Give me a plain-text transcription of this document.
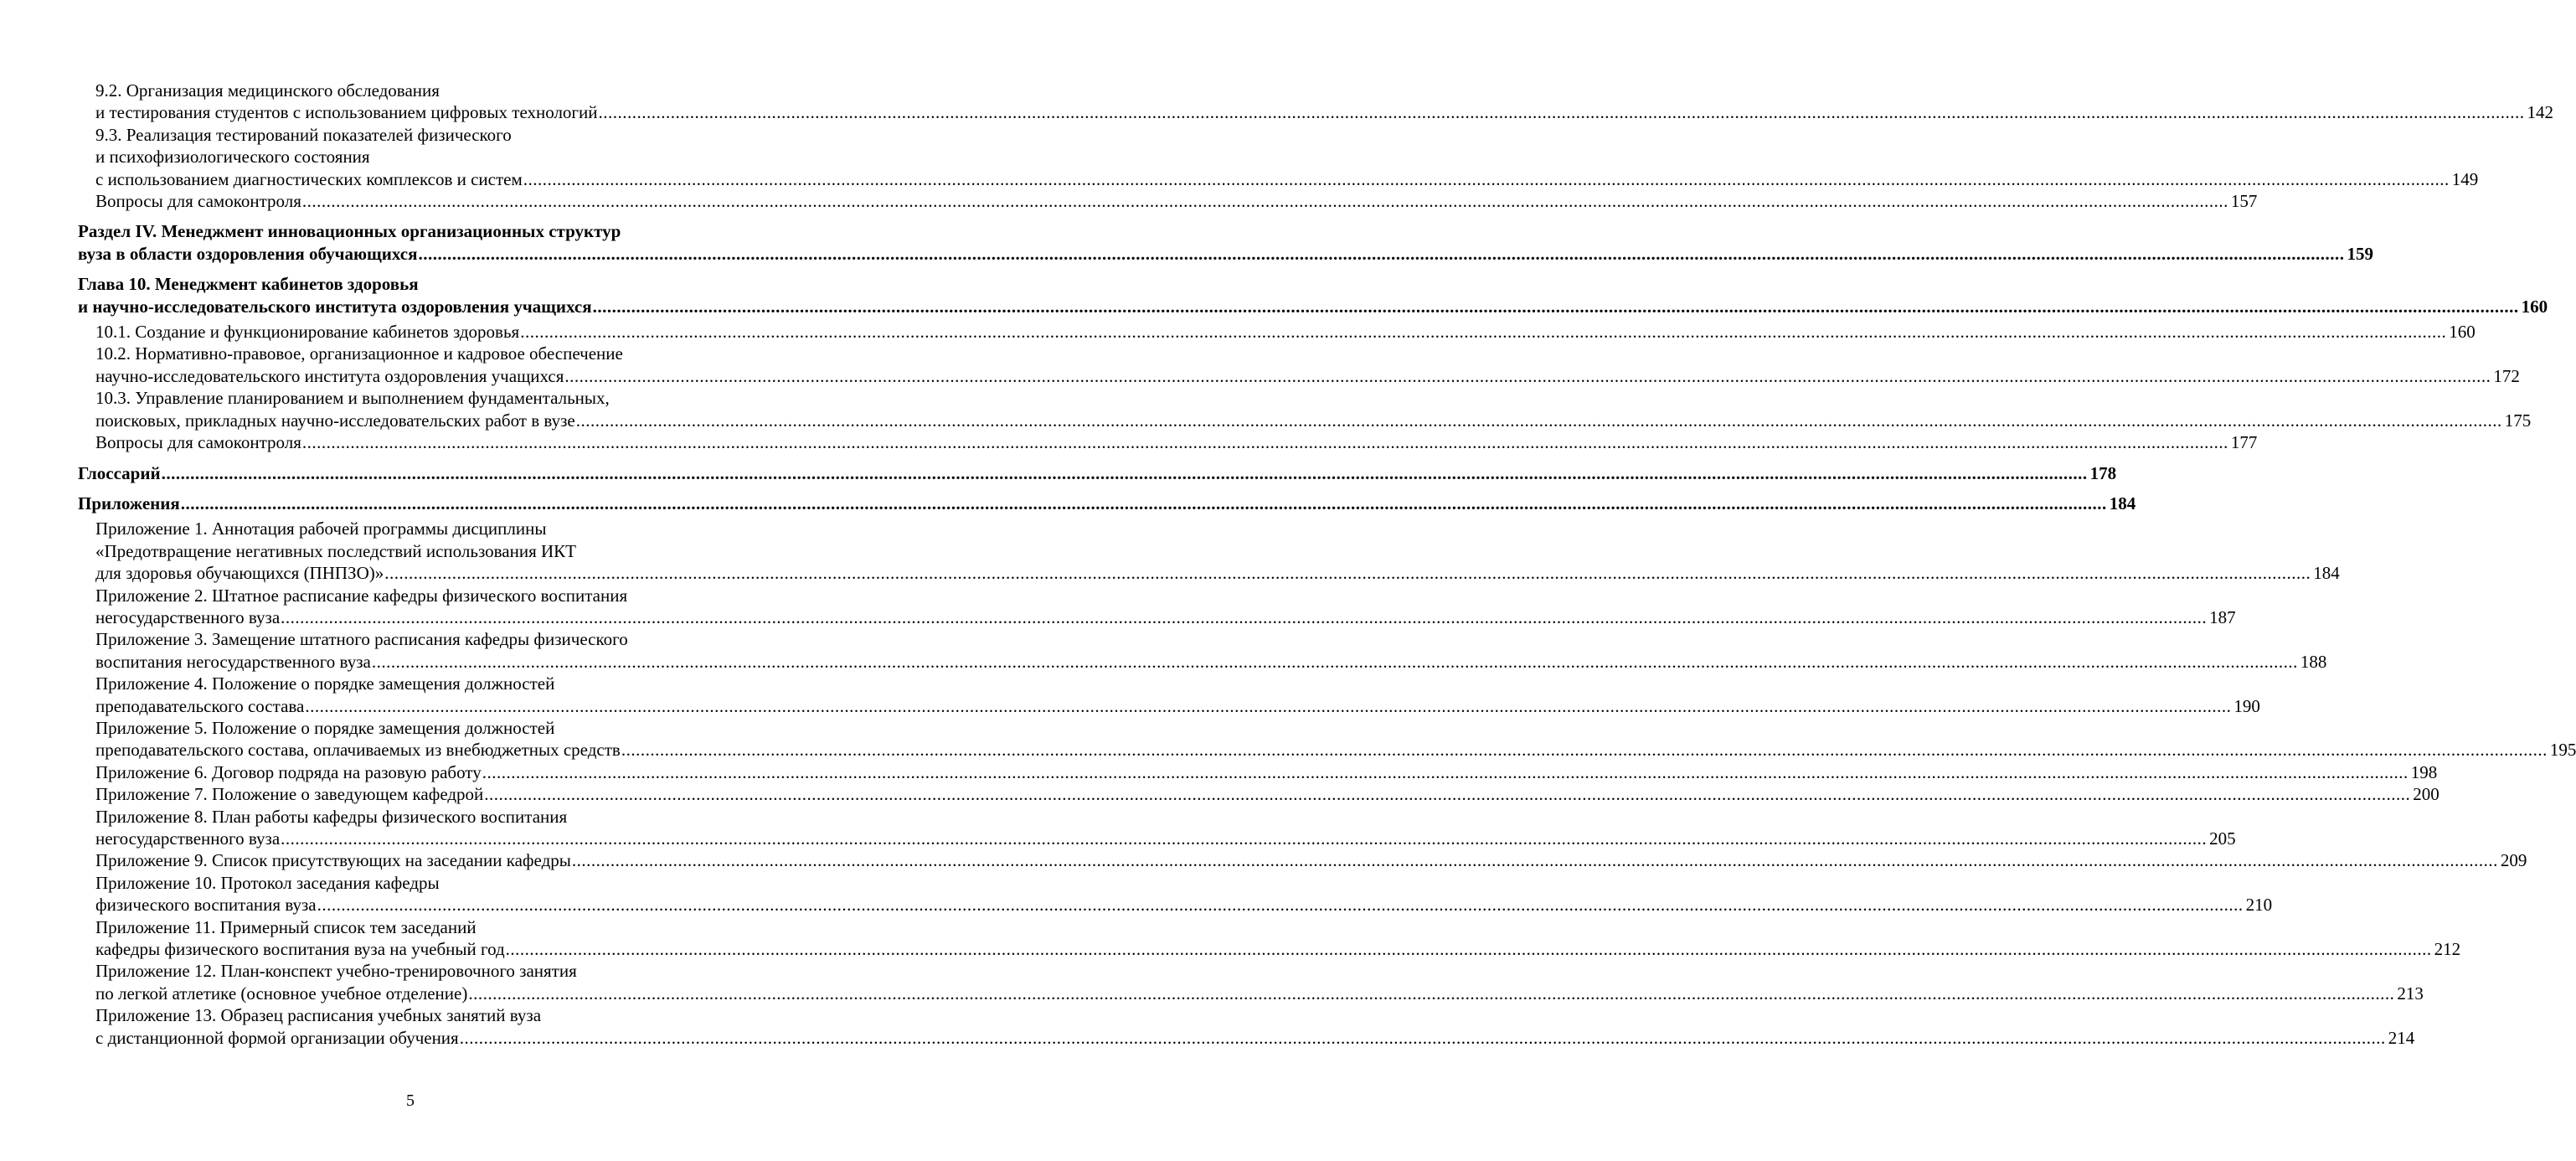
9.2. Организация медицинского обследования
и тестирования студентов с использованием цифровых технологий ................................................................................................................................................................................................................................................................................................................................................................................................................ 142
9.3. Реализация тестирований показателей физического
и психофизиологического состояния
с использованием диагностических комплексов и систем ................................................................................................................................................................................................................................................................................................................................................................................................................ 149
Вопросы для самоконтроля ................................................................................................................................................................................................................................................................................................................................................................................................................ 157
Раздел IV. Менеджмент инновационных организационных структур
вуза в области оздоровления обучающихся ................................................................................................................................................................................................................................................................................................................................................................................................................ 159
Глава 10. Менеджмент кабинетов здоровья
и научно-исследовательского института оздоровления учащихся ................................................................................................................................................................................................................................................................................................................................................................................................................ 160
10.1. Создание и функционирование кабинетов здоровья ................................................................................................................................................................................................................................................................................................................................................................................................................ 160
10.2. Нормативно-правовое, организационное и кадровое обеспечение
научно-исследовательского института оздоровления учащихся ................................................................................................................................................................................................................................................................................................................................................................................................................ 172
10.3. Управление планированием и выполнением фундаментальных,
поисковых, прикладных научно-исследовательских работ в вузе ................................................................................................................................................................................................................................................................................................................................................................................................................ 175
Вопросы для самоконтроля ................................................................................................................................................................................................................................................................................................................................................................................................................ 177
Глоссарий ................................................................................................................................................................................................................................................................................................................................................................................................................ 178
Приложения ................................................................................................................................................................................................................................................................................................................................................................................................................ 184
Приложение 1. Аннотация рабочей программы дисциплины
«Предотвращение негативных последствий использования ИКТ
для здоровья обучающихся (ПНПЗО)» ................................................................................................................................................................................................................................................................................................................................................................................................................ 184
Приложение 2. Штатное расписание кафедры физического воспитания
негосударственного вуза ................................................................................................................................................................................................................................................................................................................................................................................................................ 187
Приложение 3. Замещение штатного расписания кафедры физического
воспитания негосударственного вуза ................................................................................................................................................................................................................................................................................................................................................................................................................ 188
Приложение 4. Положение о порядке замещения должностей
преподавательского состава ................................................................................................................................................................................................................................................................................................................................................................................................................ 190
Приложение 5. Положение о порядке замещения должностей
преподавательского состава, оплачиваемых из внебюджетных средств ................................................................................................................................................................................................................................................................................................................................................................................................................ 195
Приложение 6. Договор подряда на разовую работу ................................................................................................................................................................................................................................................................................................................................................................................................................ 198
Приложение 7. Положение о заведующем кафедрой ................................................................................................................................................................................................................................................................................................................................................................................................................ 200
Приложение 8. План работы кафедры физического воспитания
негосударственного вуза ................................................................................................................................................................................................................................................................................................................................................................................................................ 205
Приложение 9. Список присутствующих на заседании кафедры ................................................................................................................................................................................................................................................................................................................................................................................................................ 209
Приложение 10. Протокол заседания кафедры
физического воспитания вуза ................................................................................................................................................................................................................................................................................................................................................................................................................ 210
Приложение 11. Примерный список тем заседаний
кафедры физического воспитания вуза на учебный год ................................................................................................................................................................................................................................................................................................................................................................................................................ 212
Приложение 12. План-конспект учебно-тренировочного занятия
по легкой атлетике (основное учебное отделение) ................................................................................................................................................................................................................................................................................................................................................................................................................ 213
Приложение 13. Образец расписания учебных занятий вуза
с дистанционной формой организации обучения ................................................................................................................................................................................................................................................................................................................................................................................................................ 214
5
